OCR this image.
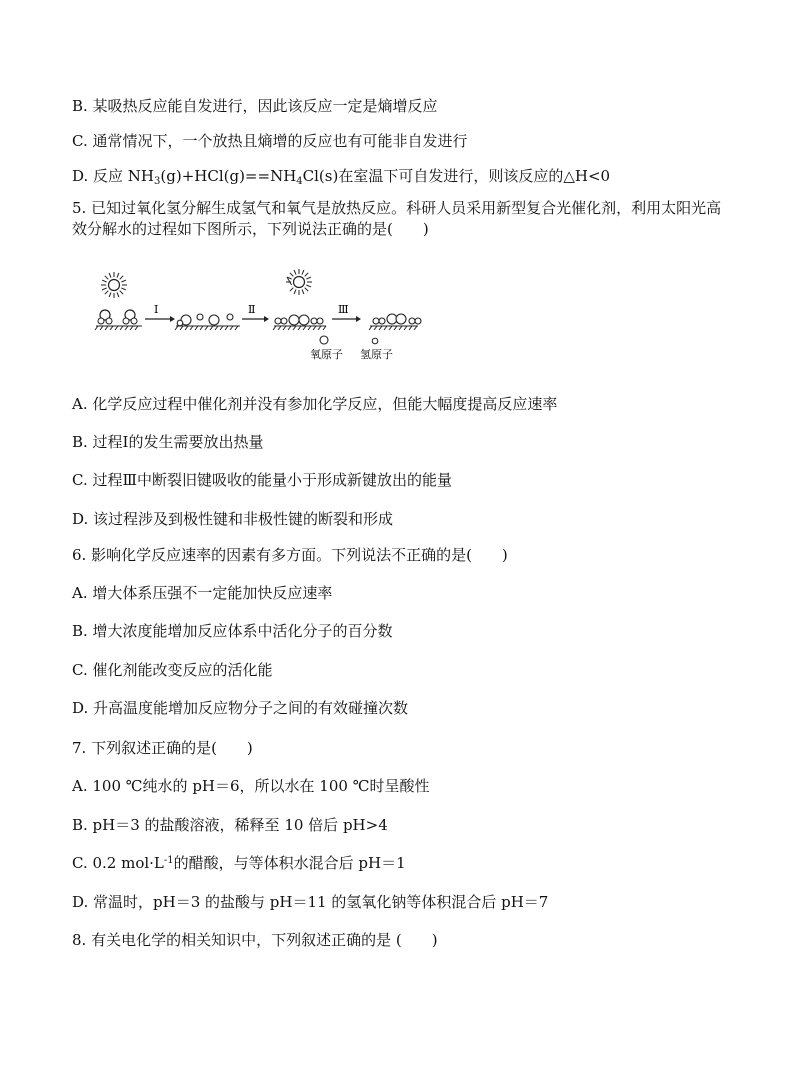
B. 某吸热反应能自发进行，因此该反应一定是熵增反应
C. 通常情况下，一个放热且熵增的反应也有可能非自发进行
D. 反应 $NH_3(g)+HCl(g)==NH_4Cl(s)$在室温下可自发进行，则该反应的△H<0
5. 已知过氧化氢分解生成氢气和氧气是放热反应。科研人员采用新型复合光催化剂，利用太阳光高效分解水的过程如下图所示，下列说法正确的是(　　)
Ⅰ	Ⅱ	Ⅲ
氧原子 氢原子
A. 化学反应过程中催化剂并没有参加化学反应，但能大幅度提高反应速率
B. 过程Ⅰ的发生需要放出热量
C. 过程Ⅲ中断裂旧键吸收的能量小于形成新键放出的能量
D. 该过程涉及到极性键和非极性键的断裂和形成
6. 影响化学反应速率的因素有多方面。下列说法不正确的是(　　)
A. 增大体系压强不一定能加快反应速率
B. 增大浓度能增加反应体系中活化分子的百分数
C. 催化剂能改变反应的活化能
D. 升高温度能增加反应物分子之间的有效碰撞次数
7. 下列叙述正确的是(　　)
A. 100 ℃纯水的 pH＝6，所以水在 100 ℃时呈酸性
B. pH＝3 的盐酸溶液，稀释至 10 倍后 pH>4
C. 0.2 $mol\cdot L^{-1}$的醋酸，与等体积水混合后 pH＝1
D. 常温时，pH＝3 的盐酸与 pH＝11 的氢氧化钠等体积混合后 pH＝7
8. 有关电化学的相关知识中，下列叙述正确的是 (　　)
